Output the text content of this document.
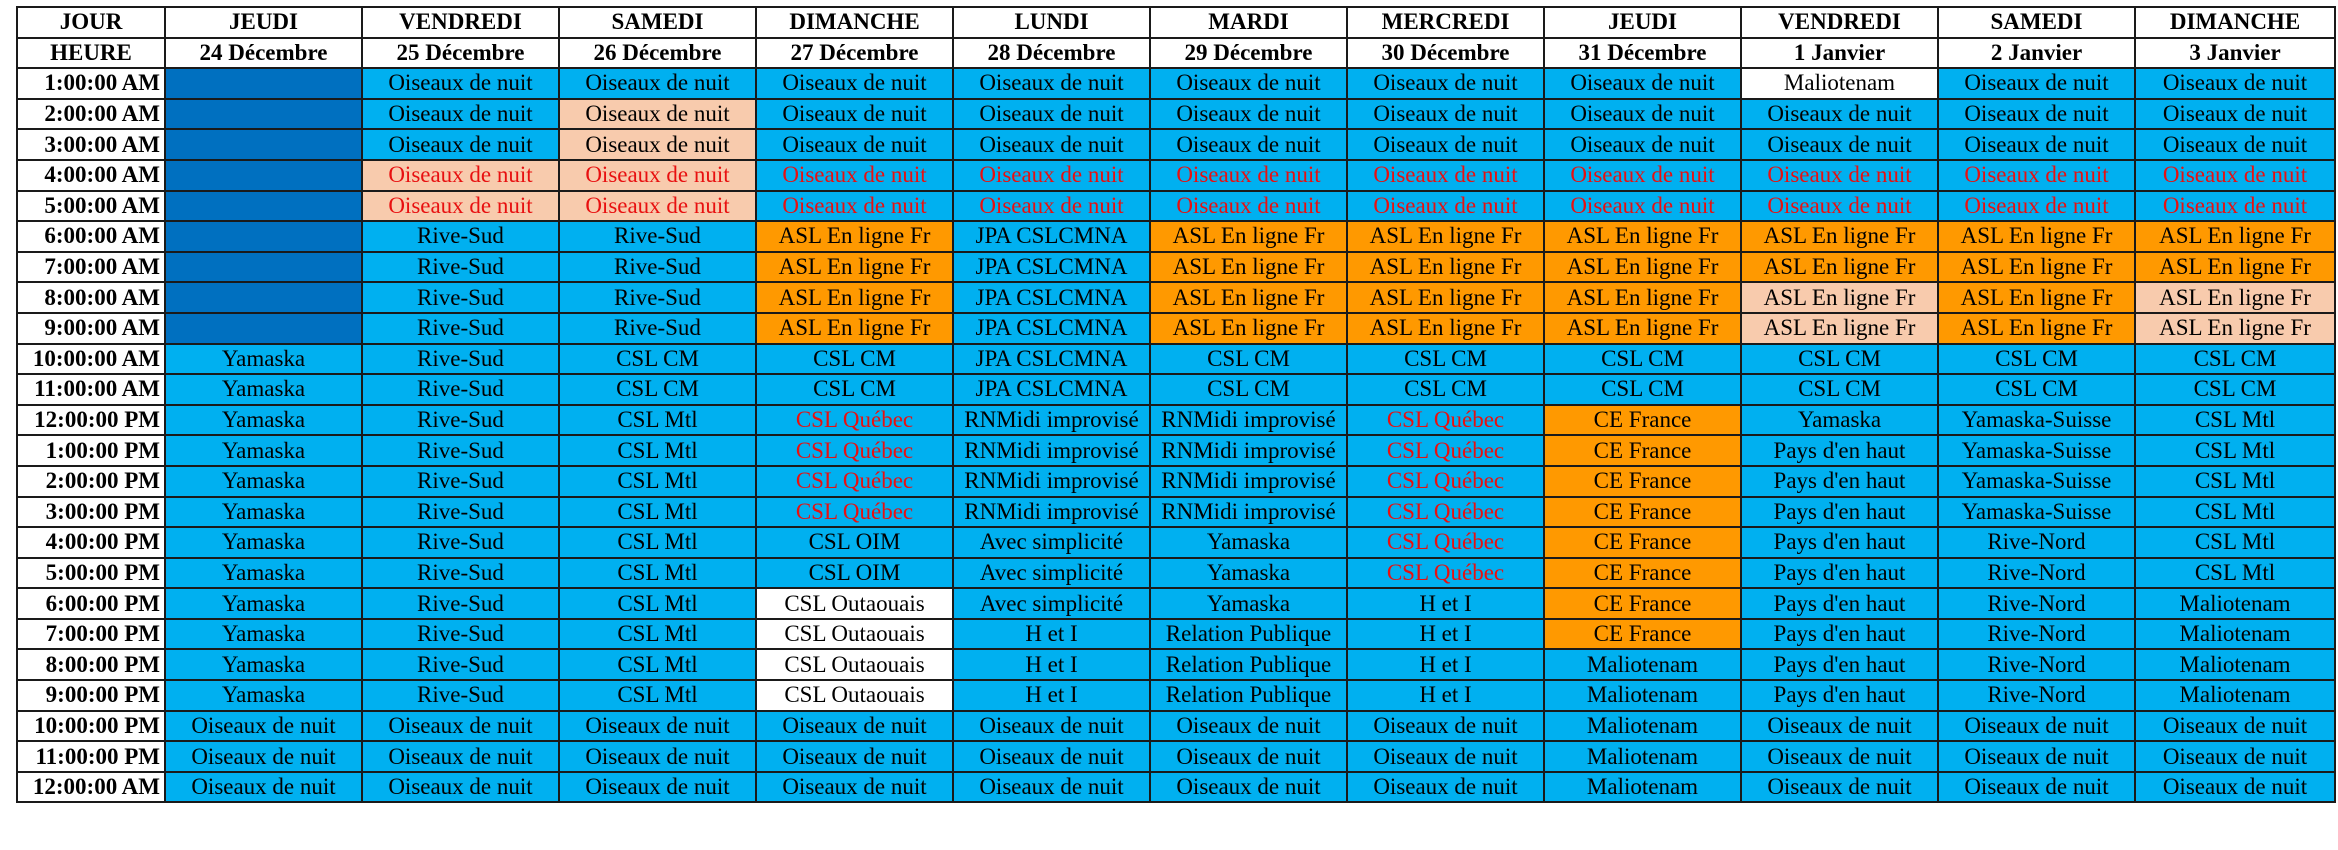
JOUR	JEUDI	VENDREDI	SAMEDI	DIMANCHE	LUNDI	MARDI	MERCREDI	JEUDI	VENDREDI	SAMEDI	DIMANCHE
HEURE	24 Décembre	25 Décembre	26 Décembre	27 Décembre	28 Décembre	29 Décembre	30 Décembre	31 Décembre	1 Janvier	2 Janvier	3 Janvier
1:00:00 AM		Oiseaux de nuit	Oiseaux de nuit	Oiseaux de nuit	Oiseaux de nuit	Oiseaux de nuit	Oiseaux de nuit	Oiseaux de nuit	Maliotenam	Oiseaux de nuit	Oiseaux de nuit
2:00:00 AM		Oiseaux de nuit	Oiseaux de nuit	Oiseaux de nuit	Oiseaux de nuit	Oiseaux de nuit	Oiseaux de nuit	Oiseaux de nuit	Oiseaux de nuit	Oiseaux de nuit	Oiseaux de nuit
3:00:00 AM		Oiseaux de nuit	Oiseaux de nuit	Oiseaux de nuit	Oiseaux de nuit	Oiseaux de nuit	Oiseaux de nuit	Oiseaux de nuit	Oiseaux de nuit	Oiseaux de nuit	Oiseaux de nuit
4:00:00 AM		Oiseaux de nuit	Oiseaux de nuit	Oiseaux de nuit	Oiseaux de nuit	Oiseaux de nuit	Oiseaux de nuit	Oiseaux de nuit	Oiseaux de nuit	Oiseaux de nuit	Oiseaux de nuit
5:00:00 AM		Oiseaux de nuit	Oiseaux de nuit	Oiseaux de nuit	Oiseaux de nuit	Oiseaux de nuit	Oiseaux de nuit	Oiseaux de nuit	Oiseaux de nuit	Oiseaux de nuit	Oiseaux de nuit
6:00:00 AM		Rive-Sud	Rive-Sud	ASL En ligne Fr	JPA CSLCMNA	ASL En ligne Fr	ASL En ligne Fr	ASL En ligne Fr	ASL En ligne Fr	ASL En ligne Fr	ASL En ligne Fr
7:00:00 AM		Rive-Sud	Rive-Sud	ASL En ligne Fr	JPA CSLCMNA	ASL En ligne Fr	ASL En ligne Fr	ASL En ligne Fr	ASL En ligne Fr	ASL En ligne Fr	ASL En ligne Fr
8:00:00 AM		Rive-Sud	Rive-Sud	ASL En ligne Fr	JPA CSLCMNA	ASL En ligne Fr	ASL En ligne Fr	ASL En ligne Fr	ASL En ligne Fr	ASL En ligne Fr	ASL En ligne Fr
9:00:00 AM		Rive-Sud	Rive-Sud	ASL En ligne Fr	JPA CSLCMNA	ASL En ligne Fr	ASL En ligne Fr	ASL En ligne Fr	ASL En ligne Fr	ASL En ligne Fr	ASL En ligne Fr
10:00:00 AM	Yamaska	Rive-Sud	CSL CM	CSL CM	JPA CSLCMNA	CSL CM	CSL CM	CSL CM	CSL CM	CSL CM	CSL CM
11:00:00 AM	Yamaska	Rive-Sud	CSL CM	CSL CM	JPA CSLCMNA	CSL CM	CSL CM	CSL CM	CSL CM	CSL CM	CSL CM
12:00:00 PM	Yamaska	Rive-Sud	CSL Mtl	CSL Québec	RNMidi improvisé	RNMidi improvisé	CSL Québec	CE France	Yamaska	Yamaska-Suisse	CSL Mtl
1:00:00 PM	Yamaska	Rive-Sud	CSL Mtl	CSL Québec	RNMidi improvisé	RNMidi improvisé	CSL Québec	CE France	Pays d'en haut	Yamaska-Suisse	CSL Mtl
2:00:00 PM	Yamaska	Rive-Sud	CSL Mtl	CSL Québec	RNMidi improvisé	RNMidi improvisé	CSL Québec	CE France	Pays d'en haut	Yamaska-Suisse	CSL Mtl
3:00:00 PM	Yamaska	Rive-Sud	CSL Mtl	CSL Québec	RNMidi improvisé	RNMidi improvisé	CSL Québec	CE France	Pays d'en haut	Yamaska-Suisse	CSL Mtl
4:00:00 PM	Yamaska	Rive-Sud	CSL Mtl	CSL OIM	Avec simplicité	Yamaska	CSL Québec	CE France	Pays d'en haut	Rive-Nord	CSL Mtl
5:00:00 PM	Yamaska	Rive-Sud	CSL Mtl	CSL OIM	Avec simplicité	Yamaska	CSL Québec	CE France	Pays d'en haut	Rive-Nord	CSL Mtl
6:00:00 PM	Yamaska	Rive-Sud	CSL Mtl	CSL Outaouais	Avec simplicité	Yamaska	H et I	CE France	Pays d'en haut	Rive-Nord	Maliotenam
7:00:00 PM	Yamaska	Rive-Sud	CSL Mtl	CSL Outaouais	H et I	Relation Publique	H et I	CE France	Pays d'en haut	Rive-Nord	Maliotenam
8:00:00 PM	Yamaska	Rive-Sud	CSL Mtl	CSL Outaouais	H et I	Relation Publique	H et I	Maliotenam	Pays d'en haut	Rive-Nord	Maliotenam
9:00:00 PM	Yamaska	Rive-Sud	CSL Mtl	CSL Outaouais	H et I	Relation Publique	H et I	Maliotenam	Pays d'en haut	Rive-Nord	Maliotenam
10:00:00 PM	Oiseaux de nuit	Oiseaux de nuit	Oiseaux de nuit	Oiseaux de nuit	Oiseaux de nuit	Oiseaux de nuit	Oiseaux de nuit	Maliotenam	Oiseaux de nuit	Oiseaux de nuit	Oiseaux de nuit
11:00:00 PM	Oiseaux de nuit	Oiseaux de nuit	Oiseaux de nuit	Oiseaux de nuit	Oiseaux de nuit	Oiseaux de nuit	Oiseaux de nuit	Maliotenam	Oiseaux de nuit	Oiseaux de nuit	Oiseaux de nuit
12:00:00 AM	Oiseaux de nuit	Oiseaux de nuit	Oiseaux de nuit	Oiseaux de nuit	Oiseaux de nuit	Oiseaux de nuit	Oiseaux de nuit	Maliotenam	Oiseaux de nuit	Oiseaux de nuit	Oiseaux de nuit
